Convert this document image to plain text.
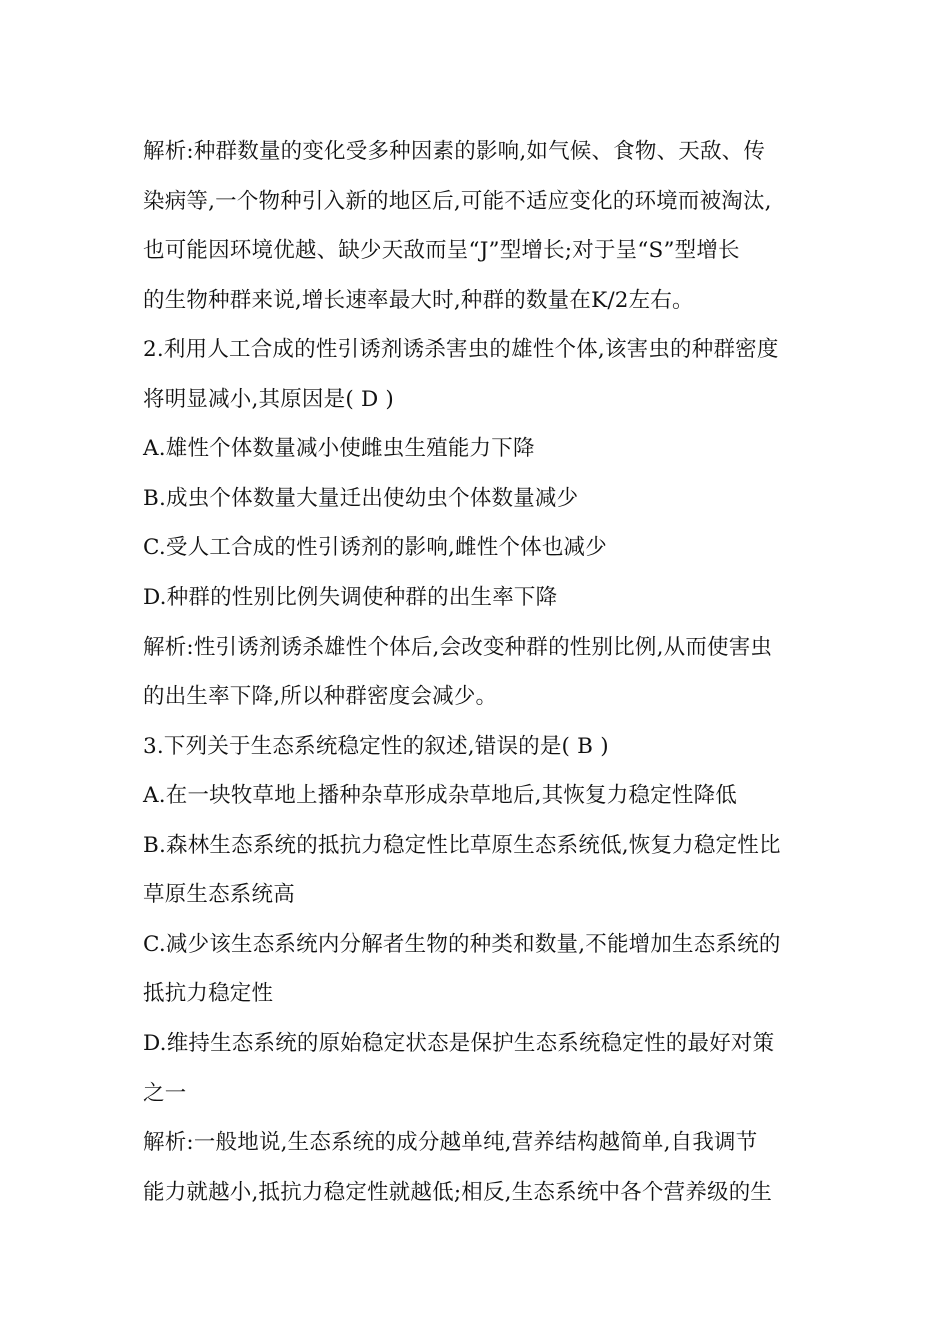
解析:种群数量的变化受多种因素的影响,如气候、食物、天敌、传
染病等,一个物种引入新的地区后,可能不适应变化的环境而被淘汰,
也可能因环境优越、缺少天敌而呈“J”型增长;对于呈“S”型增长
的生物种群来说,增长速率最大时,种群的数量在K/2左右。
2.利用人工合成的性引诱剂诱杀害虫的雄性个体,该害虫的种群密度
将明显减小,其原因是( D )
A.雄性个体数量减小使雌虫生殖能力下降
B.成虫个体数量大量迁出使幼虫个体数量减少
C.受人工合成的性引诱剂的影响,雌性个体也减少
D.种群的性别比例失调使种群的出生率下降
解析:性引诱剂诱杀雄性个体后,会改变种群的性别比例,从而使害虫
的出生率下降,所以种群密度会减少。
3.下列关于生态系统稳定性的叙述,错误的是( B )
A.在一块牧草地上播种杂草形成杂草地后,其恢复力稳定性降低
B.森林生态系统的抵抗力稳定性比草原生态系统低,恢复力稳定性比
草原生态系统高
C.减少该生态系统内分解者生物的种类和数量,不能增加生态系统的
抵抗力稳定性
D.维持生态系统的原始稳定状态是保护生态系统稳定性的最好对策
之一
解析:一般地说,生态系统的成分越单纯,营养结构越简单,自我调节
能力就越小,抵抗力稳定性就越低;相反,生态系统中各个营养级的生
